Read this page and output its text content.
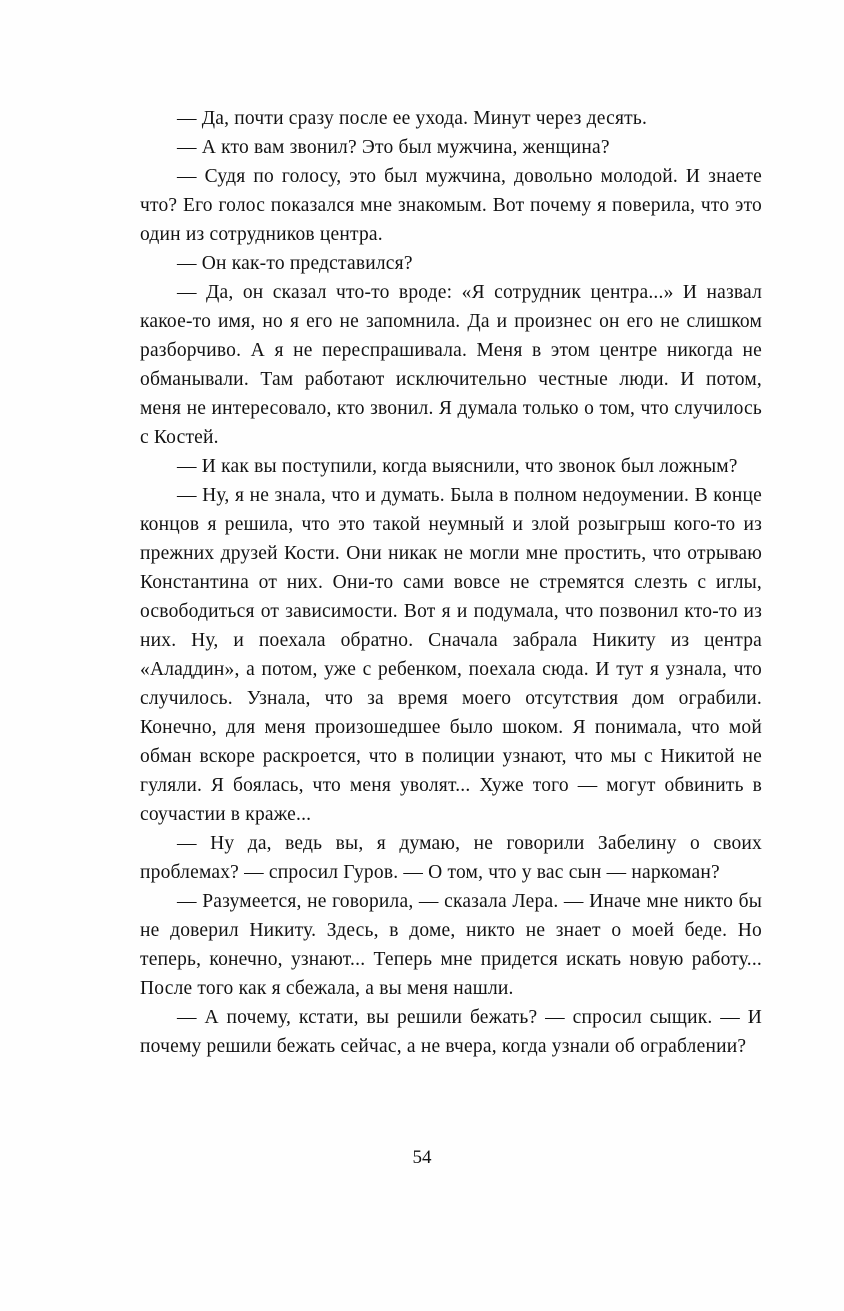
— Да, почти сразу после ее ухода. Минут через десять.

— А кто вам звонил? Это был мужчина, женщина?

— Судя по голосу, это был мужчина, довольно молодой. И знаете что? Его голос показался мне знакомым. Вот почему я поверила, что это один из сотрудников центра.

— Он как-то представился?

— Да, он сказал что-то вроде: «Я сотрудник центра...» И назвал какое-то имя, но я его не запомнила. Да и произнес он его не слишком разборчиво. А я не переспрашивала. Меня в этом центре никогда не обманывали. Там работают исключительно честные люди. И потом, меня не интересовало, кто звонил. Я думала только о том, что случилось с Костей.

— И как вы поступили, когда выяснили, что звонок был ложным?

— Ну, я не знала, что и думать. Была в полном недоумении. В конце концов я решила, что это такой неумный и злой розыгрыш кого-то из прежних друзей Кости. Они никак не могли мне простить, что отрываю Константина от них. Они-то сами вовсе не стремятся слезть с иглы, освободиться от зависимости. Вот я и подумала, что позвонил кто-то из них. Ну, и поехала обратно. Сначала забрала Никиту из центра «Аладдин», а потом, уже с ребенком, поехала сюда. И тут я узнала, что случилось. Узнала, что за время моего отсутствия дом ограбили. Конечно, для меня произошедшее было шоком. Я понимала, что мой обман вскоре раскроется, что в полиции узнают, что мы с Никитой не гуляли. Я боялась, что меня уволят... Хуже того — могут обвинить в соучастии в краже...

— Ну да, ведь вы, я думаю, не говорили Забелину о своих проблемах? — спросил Гуров. — О том, что у вас сын — наркоман?

— Разумеется, не говорила, — сказала Лера. — Иначе мне никто бы не доверил Никиту. Здесь, в доме, никто не знает о моей беде. Но теперь, конечно, узнают... Теперь мне придется искать новую работу... После того как я сбежала, а вы меня нашли.

— А почему, кстати, вы решили бежать? — спросил сыщик. — И почему решили бежать сейчас, а не вчера, когда узнали об ограблении?

54
